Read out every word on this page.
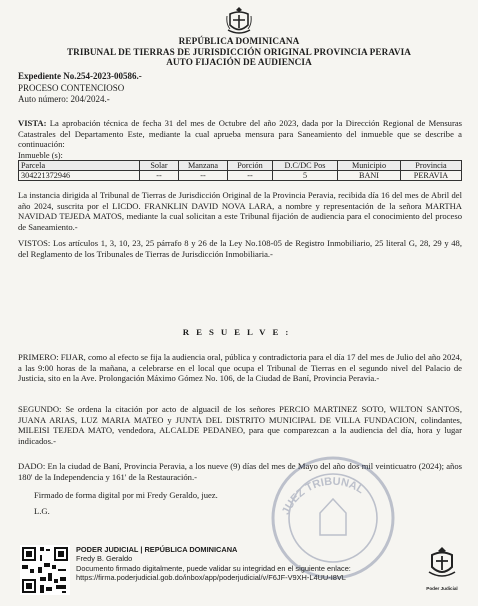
REPÚBLICA DOMINICANA
TRIBUNAL DE TIERRAS DE JURISDICCIÓN ORIGINAL PROVINCIA PERAVIA
AUTO FIJACIÓN DE AUDIENCIA
Expediente No.254-2023-00586.-
PROCESO CONTENCIOSO
Auto número: 204/2024.-
VISTA: La aprobación técnica de fecha 31 del mes de Octubre del año 2023, dada por la Dirección Regional de Mensuras Catastrales del Departamento Este, mediante la cual aprueba mensura para Saneamiento del inmueble que se describe a continuación:
Inmueble (s):
Parcela	Solar	Manzana	Porción	D.C/DC Pos	Municipio	Provincia
304221372946	--	--	--	5	BANI	PERAVIA
La instancia dirigida al Tribunal de Tierras de Jurisdicción Original de la Provincia Peravia, recibida día 16 del mes de Abril del año 2024, suscrita por el LICDO. FRANKLIN DAVID NOVA LARA, a nombre y representación de la señora MARTHA NAVIDAD TEJEDA MATOS, mediante la cual solicitan a este Tribunal fijación de audiencia para el conocimiento del proceso de Saneamiento.-
VISTOS: Los artículos 1, 3, 10, 23, 25 párrafo 8 y 26 de la Ley No.108-05 de Registro Inmobiliario, 25 literal G, 28, 29 y 48, del Reglamento de los Tribunales de Tierras de Jurisdicción Inmobiliaria.-
RESUELVE:
PRIMERO: FIJAR, como al efecto se fija la audiencia oral, pública y contradictoria para el día 17 del mes de Julio del año 2024, a las 9:00 horas de la mañana, a celebrarse en el local que ocupa el Tribunal de Tierras en el segundo nivel del Palacio de Justicia, sito en la Ave. Prolongación Máximo Gómez No. 106, de la Ciudad de Baní, Provincia Peravia.-
SEGUNDO: Se ordena la citación por acto de alguacil de los señores PERCIO MARTINEZ SOTO, WILTON SANTOS, JUANA ARIAS, LUZ MARIA MATEO y JUNTA DEL DISTRITO MUNICIPAL DE VILLA FUNDACION, colindantes, MILEISI TEJEDA MATO, vendedora, ALCALDE PEDANEO, para que comparezcan a la audiencia del día, hora y lugar indicados.-
DADO: En la ciudad de Baní, Provincia Peravia, a los nueve (9) días del mes de Mayo del año dos mil veinticuatro (2024); años 180' de la Independencia y 161' de la Restauración.-
Firmado de forma digital por mi Fredy Geraldo, juez.
L.G.	JUEZ TRIBUNAL
PODER JUDICIAL | REPÚBLICA DOMINICANA
Fredy B. Geraldo
Documento firmado digitalmente, puede validar su integridad en el siguiente enlace:
https://firma.poderjudicial.gob.do/inbox/app/poderjudicial/v/F6JF-V9XH-L4UU-I8VL
Poder Judicial
